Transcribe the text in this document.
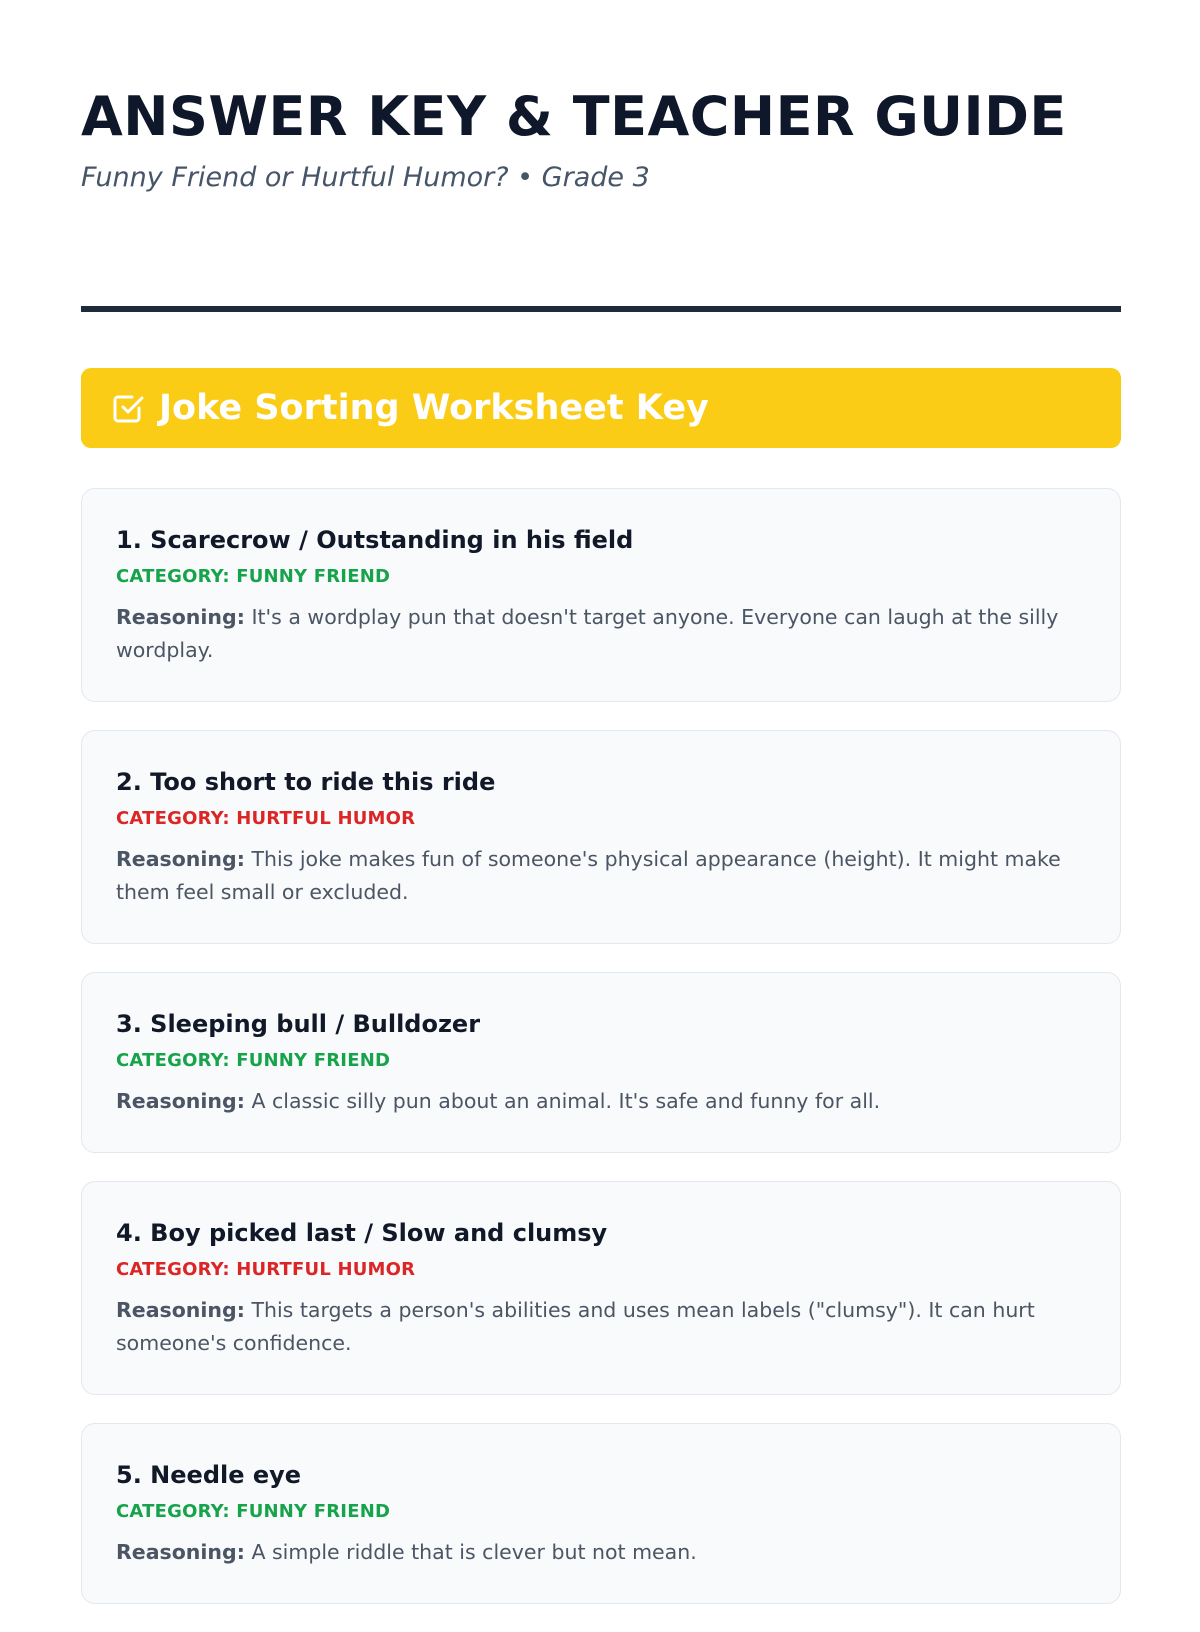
ANSWER KEY & TEACHER GUIDE
Funny Friend or Hurtful Humor? • Grade 3
Joke Sorting Worksheet Key
1. Scarecrow / Outstanding in his field
CATEGORY: FUNNY FRIEND
Reasoning: It's a wordplay pun that doesn't target anyone. Everyone can laugh at the silly wordplay.
2. Too short to ride this ride
CATEGORY: HURTFUL HUMOR
Reasoning: This joke makes fun of someone's physical appearance (height). It might make them feel small or excluded.
3. Sleeping bull / Bulldozer
CATEGORY: FUNNY FRIEND
Reasoning: A classic silly pun about an animal. It's safe and funny for all.
4. Boy picked last / Slow and clumsy
CATEGORY: HURTFUL HUMOR
Reasoning: This targets a person's abilities and uses mean labels ("clumsy"). It can hurt someone's confidence.
5. Needle eye
CATEGORY: FUNNY FRIEND
Reasoning: A simple riddle that is clever but not mean.
